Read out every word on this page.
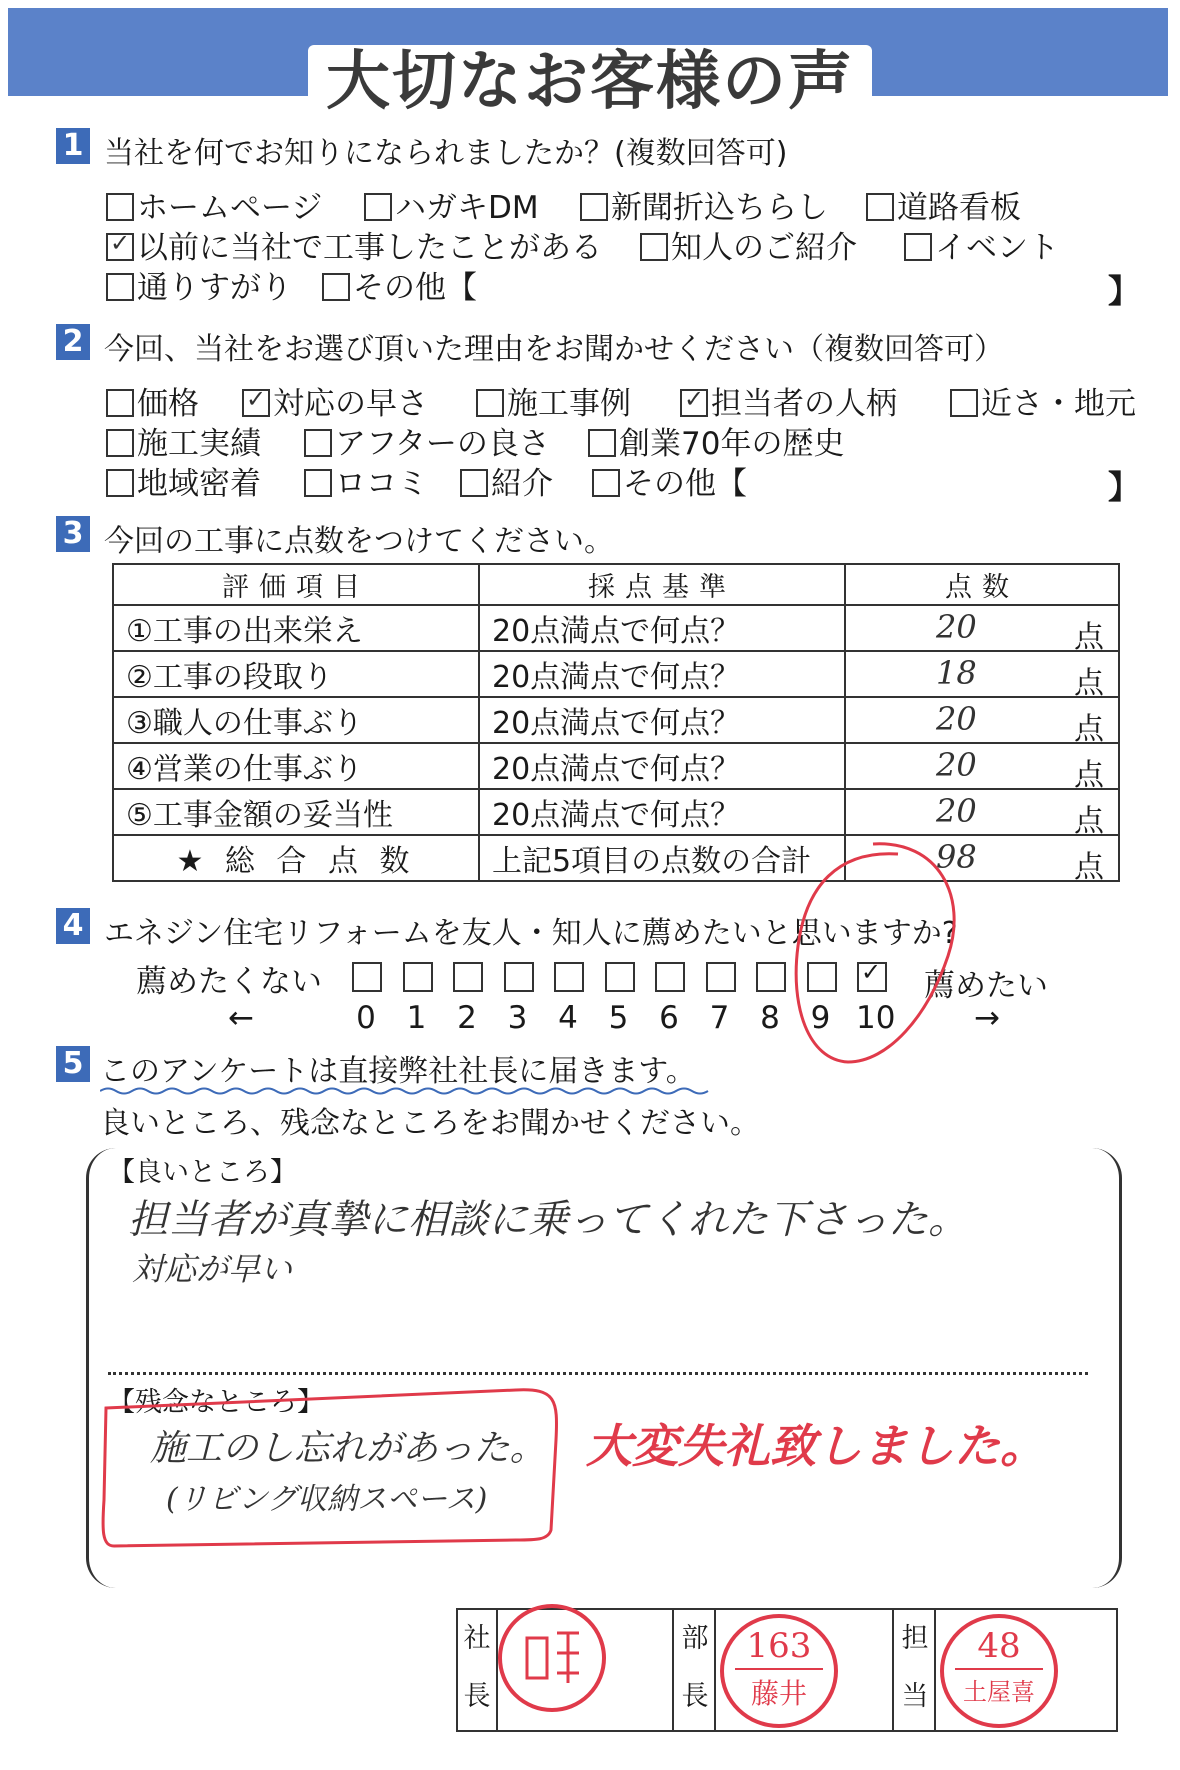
大切なお客様の声
1 当社を何でお知りになられましたか？(複数回答可)
ホームページ	ハガキDM	新聞折込ちらし	道路看板
✓以前に当社で工事したことがある	知人のご紹介	イベント
通りすがり	その他【	】
2 今回、当社をお選び頂いた理由をお聞かせください（複数回答可）
価格 ✓	対応の早さ	施工事例 ✓	担当者の人柄	近さ・地元
施工実績	アフターの良さ	創業70年の歴史
地域密着	ロコミ	紹介	その他【	】
3 今回の工事に点数をつけてください。
評価項目	採点基準	点数
①工事の出来栄え	20点満点で何点？	20 点

②工事の段取り	20点満点で何点？	18 点

③職人の仕事ぶり	20点満点で何点？	20 点

④営業の仕事ぶり	20点満点で何点？	20 点

⑤工事金額の妥当性	20点満点で何点？	20 点

★ 総 合 点 数	上記5項目の点数の合計	98 点
4 エネジン住宅リフォームを友人・知人に薦めたいと思いますか?
薦めたくない	薦めたい
←	→
0 1 2 3 4 5 6 7 8 9
✓
10
5 このアンケートは直接弊社社長に届きます。
良いところ、残念なところをお聞かせください。
【良いところ】
担当者が真摯に相談に乗ってくれた下さった。
対応が早い
【残念なところ】
施工のし忘れがあった。
(リビング収納スペース)
大変失礼致しました。
社
長
部
長
担
当
163
藤井
48
土屋喜
